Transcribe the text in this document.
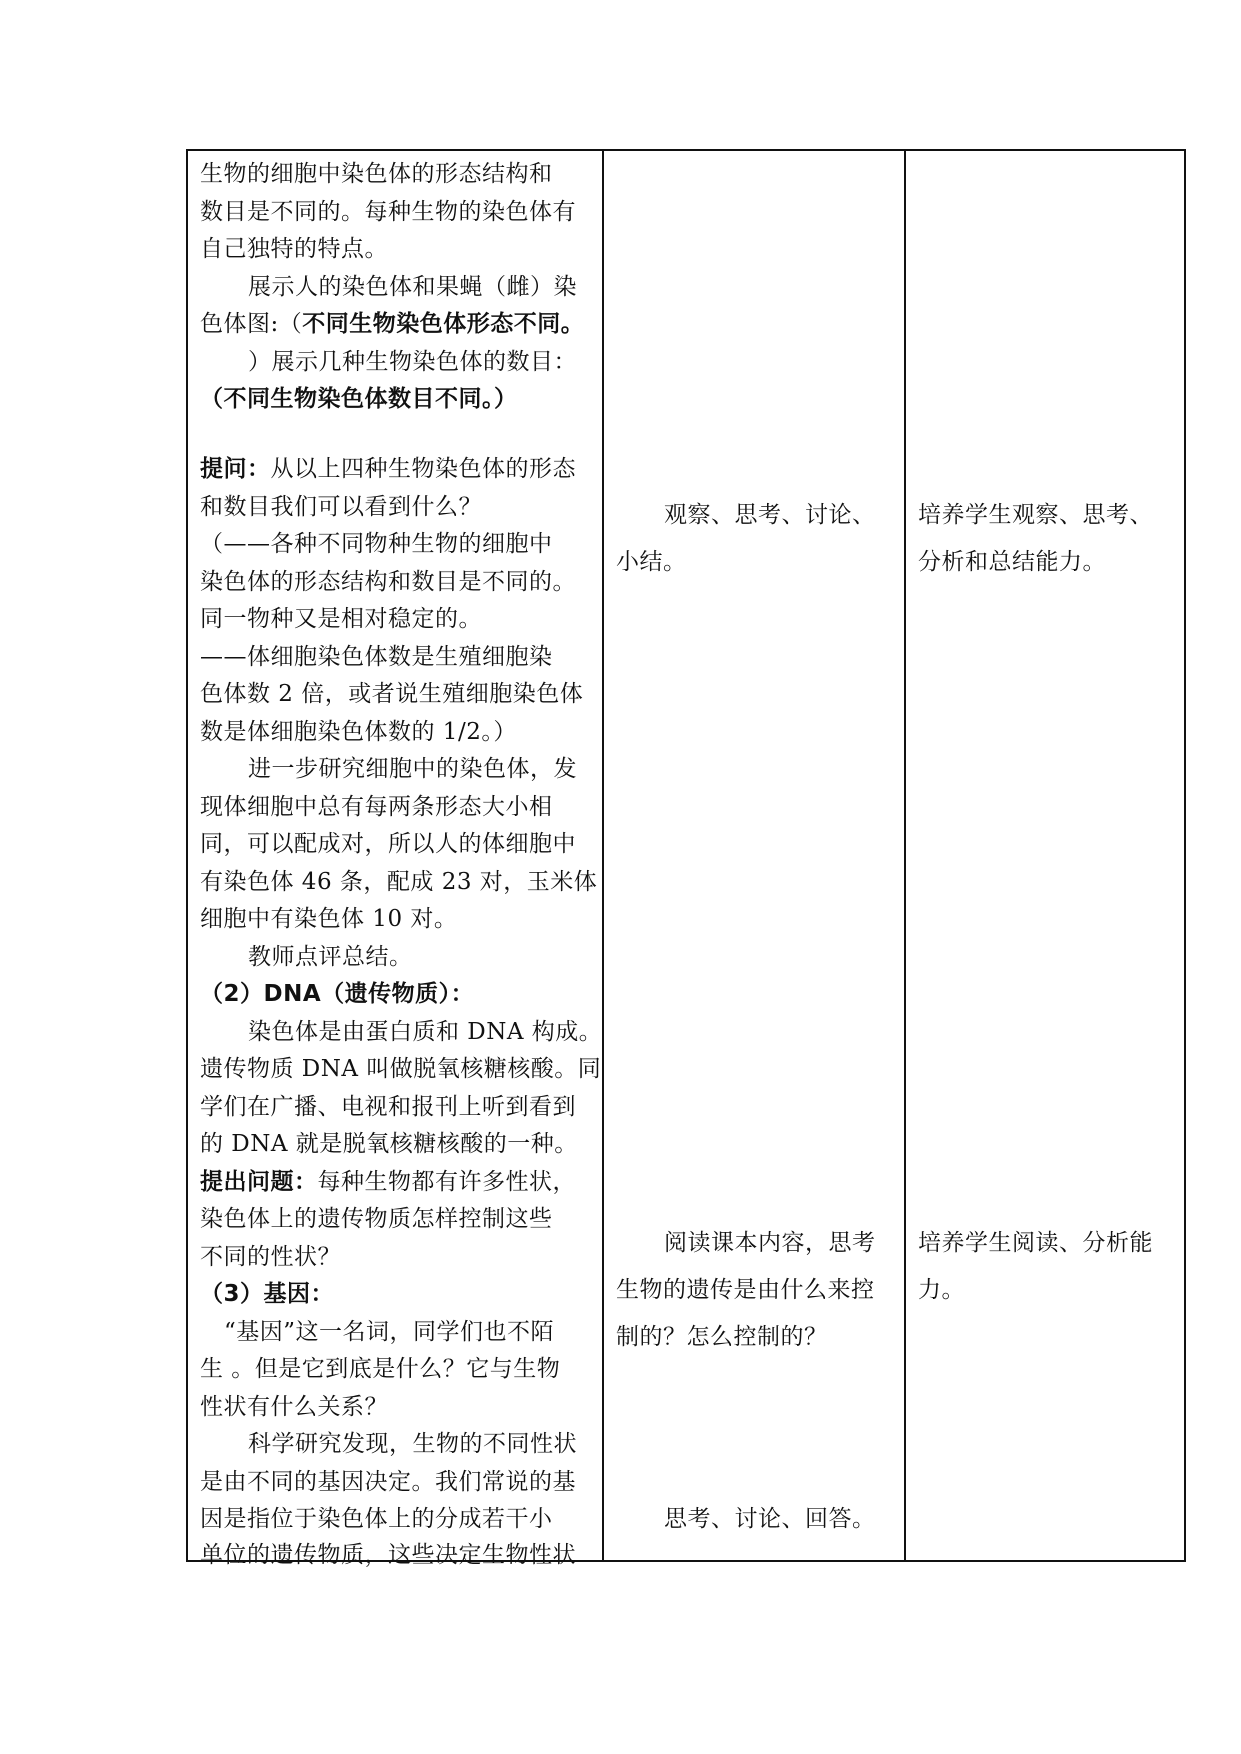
生物的细胞中染色体的形态结构和
数目是不同的。每种生物的染色体有
自己独特的特点。
展示人的染色体和果蝇（雌）染
色体图:（不同生物染色体形态不同。
）展示几种生物染色体的数目：
（不同生物染色体数目不同。）
提问：从以上四种生物染色体的形态
和数目我们可以看到什么？
（——各种不同物种生物的细胞中
染色体的形态结构和数目是不同的。
同一物种又是相对稳定的。
——体细胞染色体数是生殖细胞染
色体数 2 倍，或者说生殖细胞染色体
数是体细胞染色体数的 1/2。）
进一步研究细胞中的染色体，发
现体细胞中总有每两条形态大小相
同，可以配成对，所以人的体细胞中
有染色体 46 条，配成 23 对，玉米体
细胞中有染色体 10 对。
教师点评总结。
（2）DNA（遗传物质）：
染色体是由蛋白质和 DNA 构成。
遗传物质 DNA 叫做脱氧核糖核酸。同
学们在广播、电视和报刊上听到看到
的 DNA 就是脱氧核糖核酸的一种。
提出问题：每种生物都有许多性状，
染色体上的遗传物质怎样控制这些
不同的性状？
（3）基因：
“基因”这一名词，同学们也不陌
生 。但是它到底是什么？它与生物
性状有什么关系？
科学研究发现，生物的不同性状
是由不同的基因决定。我们常说的基
因是指位于染色体上的分成若干小
单位的遗传物质，这些决定生物性状
观察、思考、讨论、
小结。
阅读课本内容，思考
生物的遗传是由什么来控
制的？怎么控制的？
思考、讨论、回答。
培养学生观察、思考、
分析和总结能力。
培养学生阅读、分析能
力。
